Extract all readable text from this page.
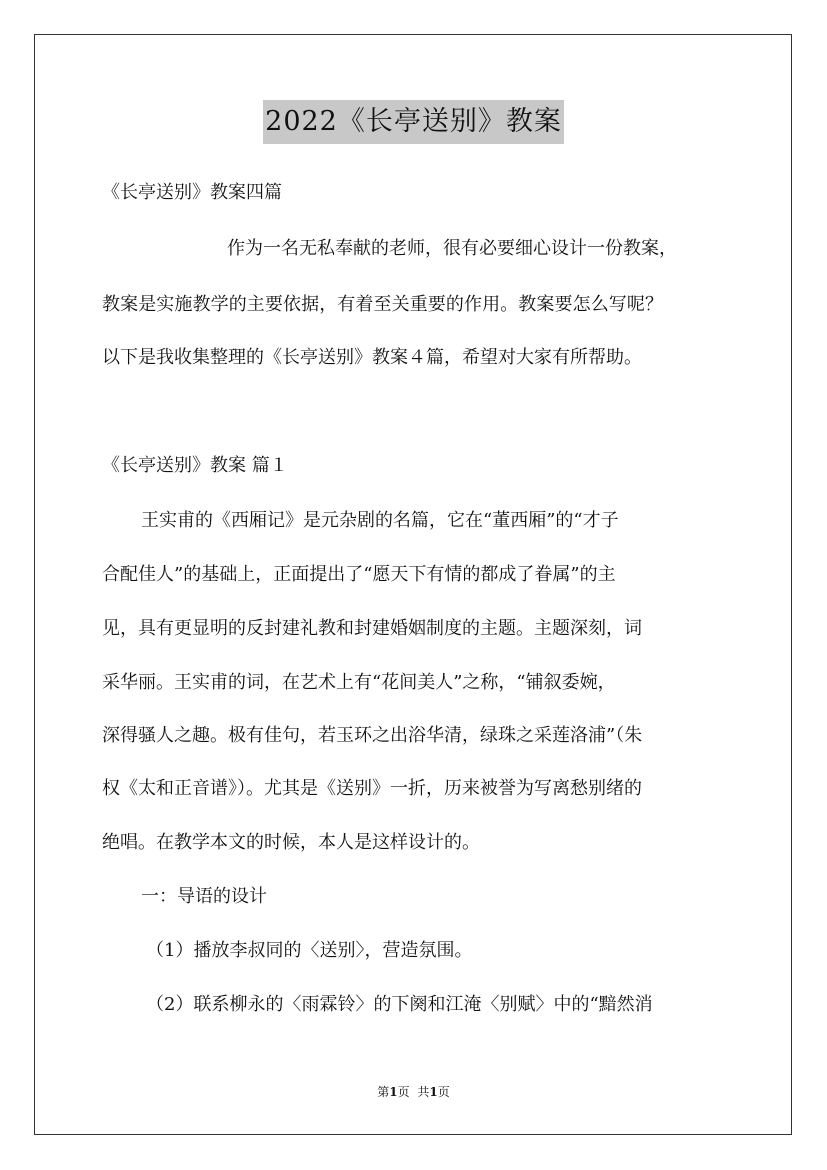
2022《长亭送别》教案
《长亭送别》教案四篇
作为一名无私奉献的老师，很有必要细心设计一份教案，
教案是实施教学的主要依据，有着至关重要的作用。教案要怎么写呢？
以下是我收集整理的《长亭送别》教案４篇，希望对大家有所帮助。
《长亭送别》教案 篇１
王实甫的《西厢记》是元杂剧的名篇，它在“董西厢”的“才子
合配佳人”的基础上，正面提出了“愿天下有情的都成了眷属”的主
见，具有更显明的反封建礼教和封建婚姻制度的主题。主题深刻，词
采华丽。王实甫的词，在艺术上有“花间美人”之称，“铺叙委婉，
深得骚人之趣。极有佳句，若玉环之出浴华清，绿珠之采莲洛浦”（朱
权《太和正音谱》）。尤其是《送别》一折，历来被誉为写离愁别绪的
绝唱。在教学本文的时候，本人是这样设计的。
一：导语的设计
（1）播放李叔同的〈送别〉，营造氛围。
（2）联系柳永的〈雨霖铃〉的下阕和江淹〈别赋〉中的“黯然消
第1页 共1页
